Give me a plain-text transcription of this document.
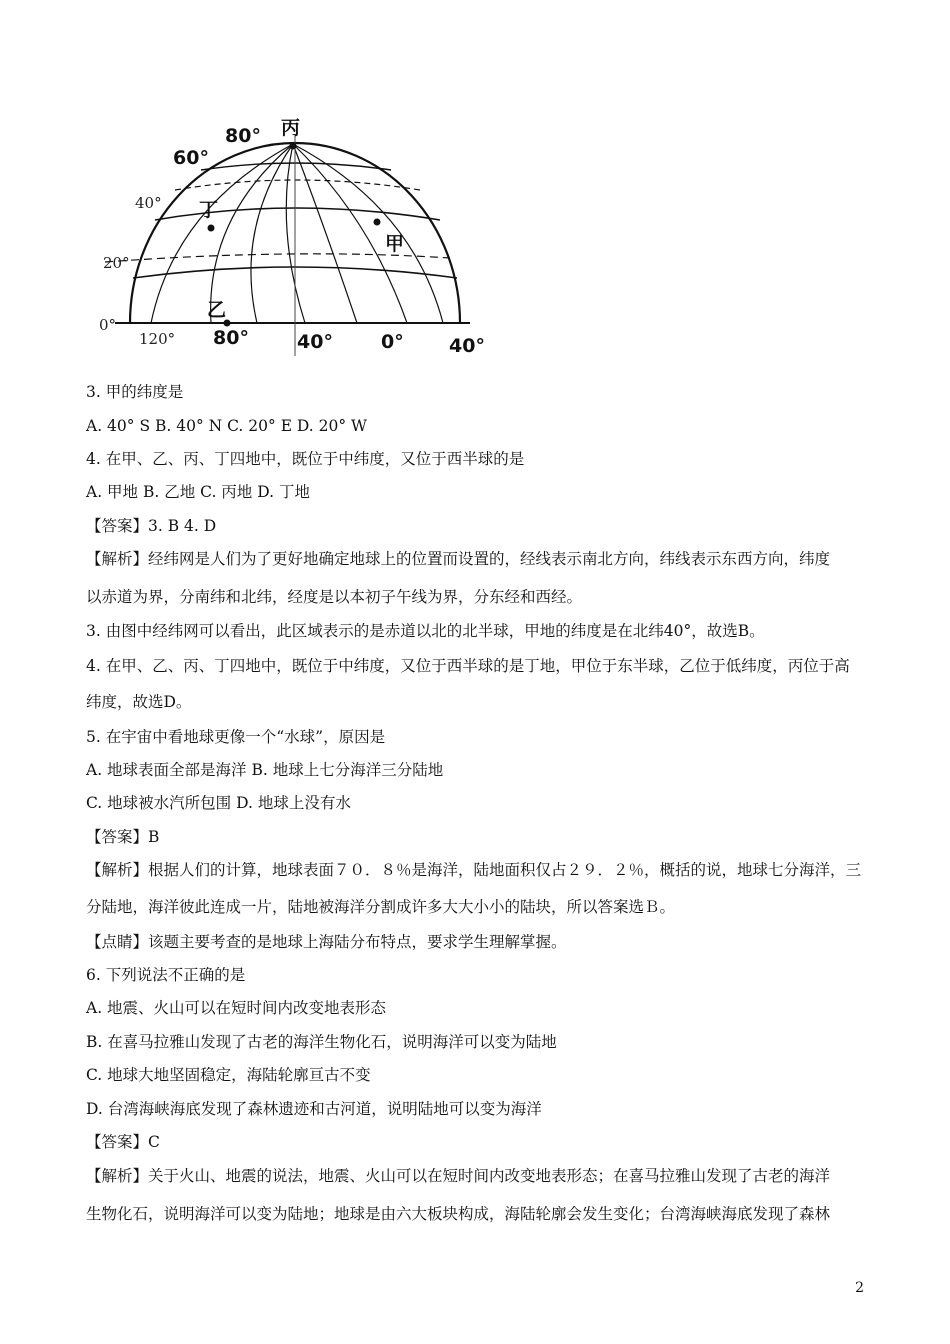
丙
甲
丁
乙
80°
60°
40°
20°
0°
120° 80°	40°	0° 40°
3. 甲的纬度是
A. 40° S B. 40° N C. 20° E D. 20° W
4. 在甲、乙、丙、丁四地中，既位于中纬度，又位于西半球的是
A. 甲地 B. 乙地 C. 丙地 D. 丁地
【答案】3. B 4. D
【解析】经纬网是人们为了更好地确定地球上的位置而设置的，经线表示南北方向，纬线表示东西方向，纬度
以赤道为界，分南纬和北纬，经度是以本初子午线为界，分东经和西经。
3. 由图中经纬网可以看出，此区域表示的是赤道以北的北半球，甲地的纬度是在北纬40°，故选B。
4. 在甲、乙、丙、丁四地中，既位于中纬度，又位于西半球的是丁地，甲位于东半球，乙位于低纬度，丙位于高
纬度，故选D。
5. 在宇宙中看地球更像一个“水球”，原因是
A. 地球表面全部是海洋 B. 地球上七分海洋三分陆地
C. 地球被水汽所包围 D. 地球上没有水
【答案】B
【解析】根据人们的计算，地球表面７０．８％是海洋，陆地面积仅占２９．２％，概括的说，地球七分海洋，三
分陆地，海洋彼此连成一片，陆地被海洋分割成许多大大小小的陆块，所以答案选Ｂ。
【点睛】该题主要考查的是地球上海陆分布特点，要求学生理解掌握。
6. 下列说法不正确的是
A. 地震、火山可以在短时间内改变地表形态
B. 在喜马拉雅山发现了古老的海洋生物化石，说明海洋可以变为陆地
C. 地球大地坚固稳定，海陆轮廓亘古不变
D. 台湾海峡海底发现了森林遗迹和古河道，说明陆地可以变为海洋
【答案】C
【解析】关于火山、地震的说法，地震、火山可以在短时间内改变地表形态；在喜马拉雅山发现了古老的海洋
生物化石，说明海洋可以变为陆地；地球是由六大板块构成，海陆轮廓会发生变化；台湾海峡海底发现了森林
2
